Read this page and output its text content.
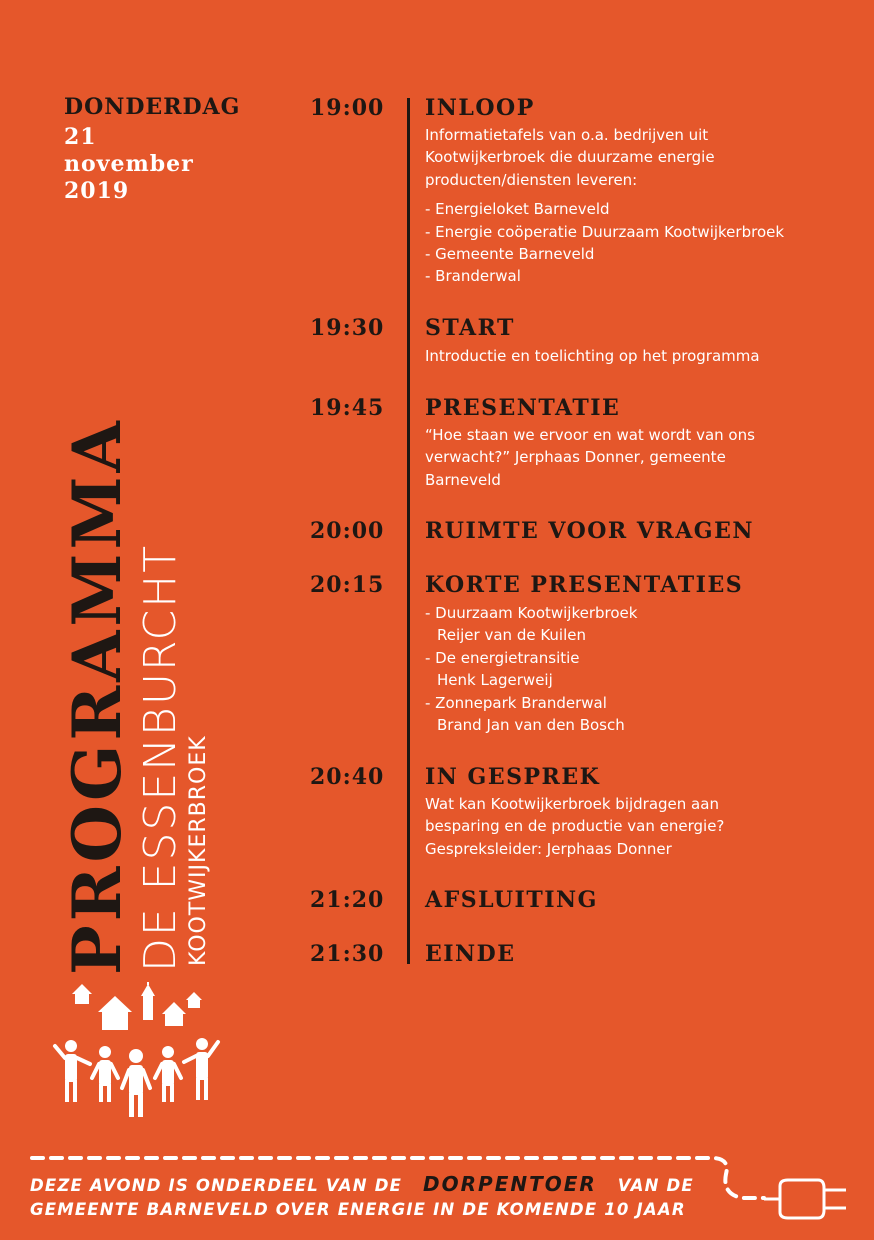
DONDERDAG
21
november
2019
PROGRAMMA DE ESSENBURCHT KOOTWIJKERBROEK
19:00 INLOOP
Informatietafels van o.a. bedrijven uit
Kootwijkerbroek die duurzame energie
producten/diensten leveren:
- Energieloket Barneveld
- Energie coöperatie Duurzaam Kootwijkerbroek
- Gemeente Barneveld
- Branderwal
19:30 START
Introductie en toelichting op het programma
19:45 PRESENTATIE
“Hoe staan we ervoor en wat wordt van ons
verwacht?” Jerphaas Donner, gemeente
Barneveld
20:00 RUIMTE VOOR VRAGEN
20:15 KORTE PRESENTATIES
- Duurzaam Kootwijkerbroek
Reijer van de Kuilen
- De energietransitie
Henk Lagerweij
- Zonnepark Branderwal
Brand Jan van den Bosch
20:40 IN GESPREK
Wat kan Kootwijkerbroek bijdragen aan
besparing en de productie van energie?
Gespreksleider: Jerphaas Donner
21:20 AFSLUITING
21:30 EINDE
DEZE AVOND IS ONDERDEEL VAN DE DORPENTOER VAN DE
GEMEENTE BARNEVELD OVER ENERGIE IN DE KOMENDE 10 JAAR
